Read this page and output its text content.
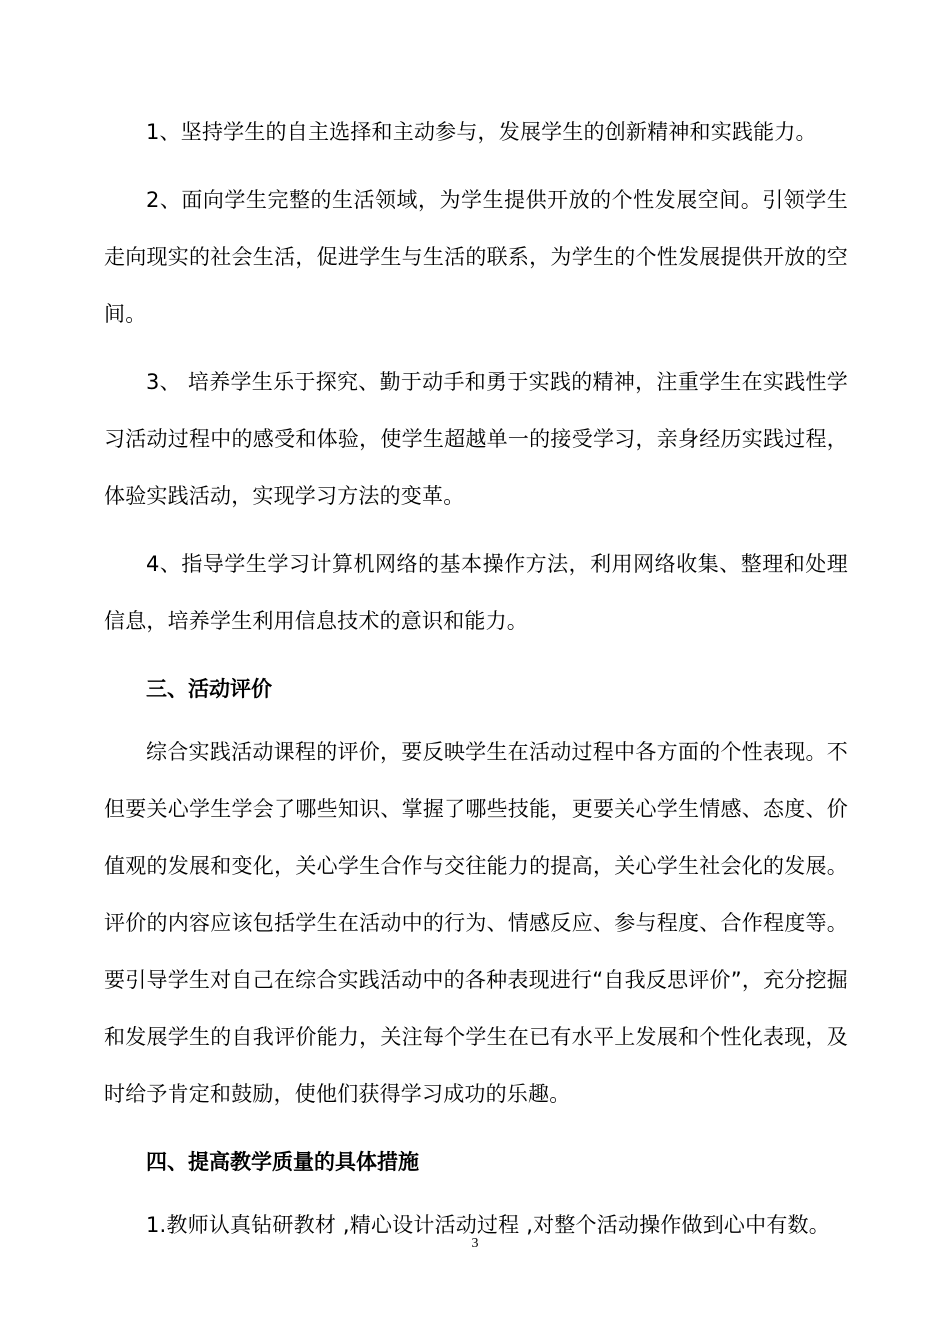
1、坚持学生的自主选择和主动参与，发展学生的创新精神和实践能力。

2、面向学生完整的生活领域，为学生提供开放的个性发展空间。引领学生走向现实的社会生活，促进学生与生活的联系，为学生的个性发展提供开放的空间。

3、 培养学生乐于探究、勤于动手和勇于实践的精神，注重学生在实践性学习活动过程中的感受和体验，使学生超越单一的接受学习，亲身经历实践过程，体验实践活动，实现学习方法的变革。

4、指导学生学习计算机网络的基本操作方法，利用网络收集、整理和处理信息，培养学生利用信息技术的意识和能力。

三、活动评价

综合实践活动课程的评价，要反映学生在活动过程中各方面的个性表现。不但要关心学生学会了哪些知识、掌握了哪些技能，更要关心学生情感、态度、价值观的发展和变化，关心学生合作与交往能力的提高，关心学生社会化的发展。评价的内容应该包括学生在活动中的行为、情感反应、参与程度、合作程度等。要引导学生对自己在综合实践活动中的各种表现进行“自我反思评价”，充分挖掘和发展学生的自我评价能力，关注每个学生在已有水平上发展和个性化表现，及时给予肯定和鼓励，使他们获得学习成功的乐趣。

四、提高教学质量的具体措施

1.教师认真钻研教材 ,精心设计活动过程 ,对整个活动操作做到心中有数。

3
